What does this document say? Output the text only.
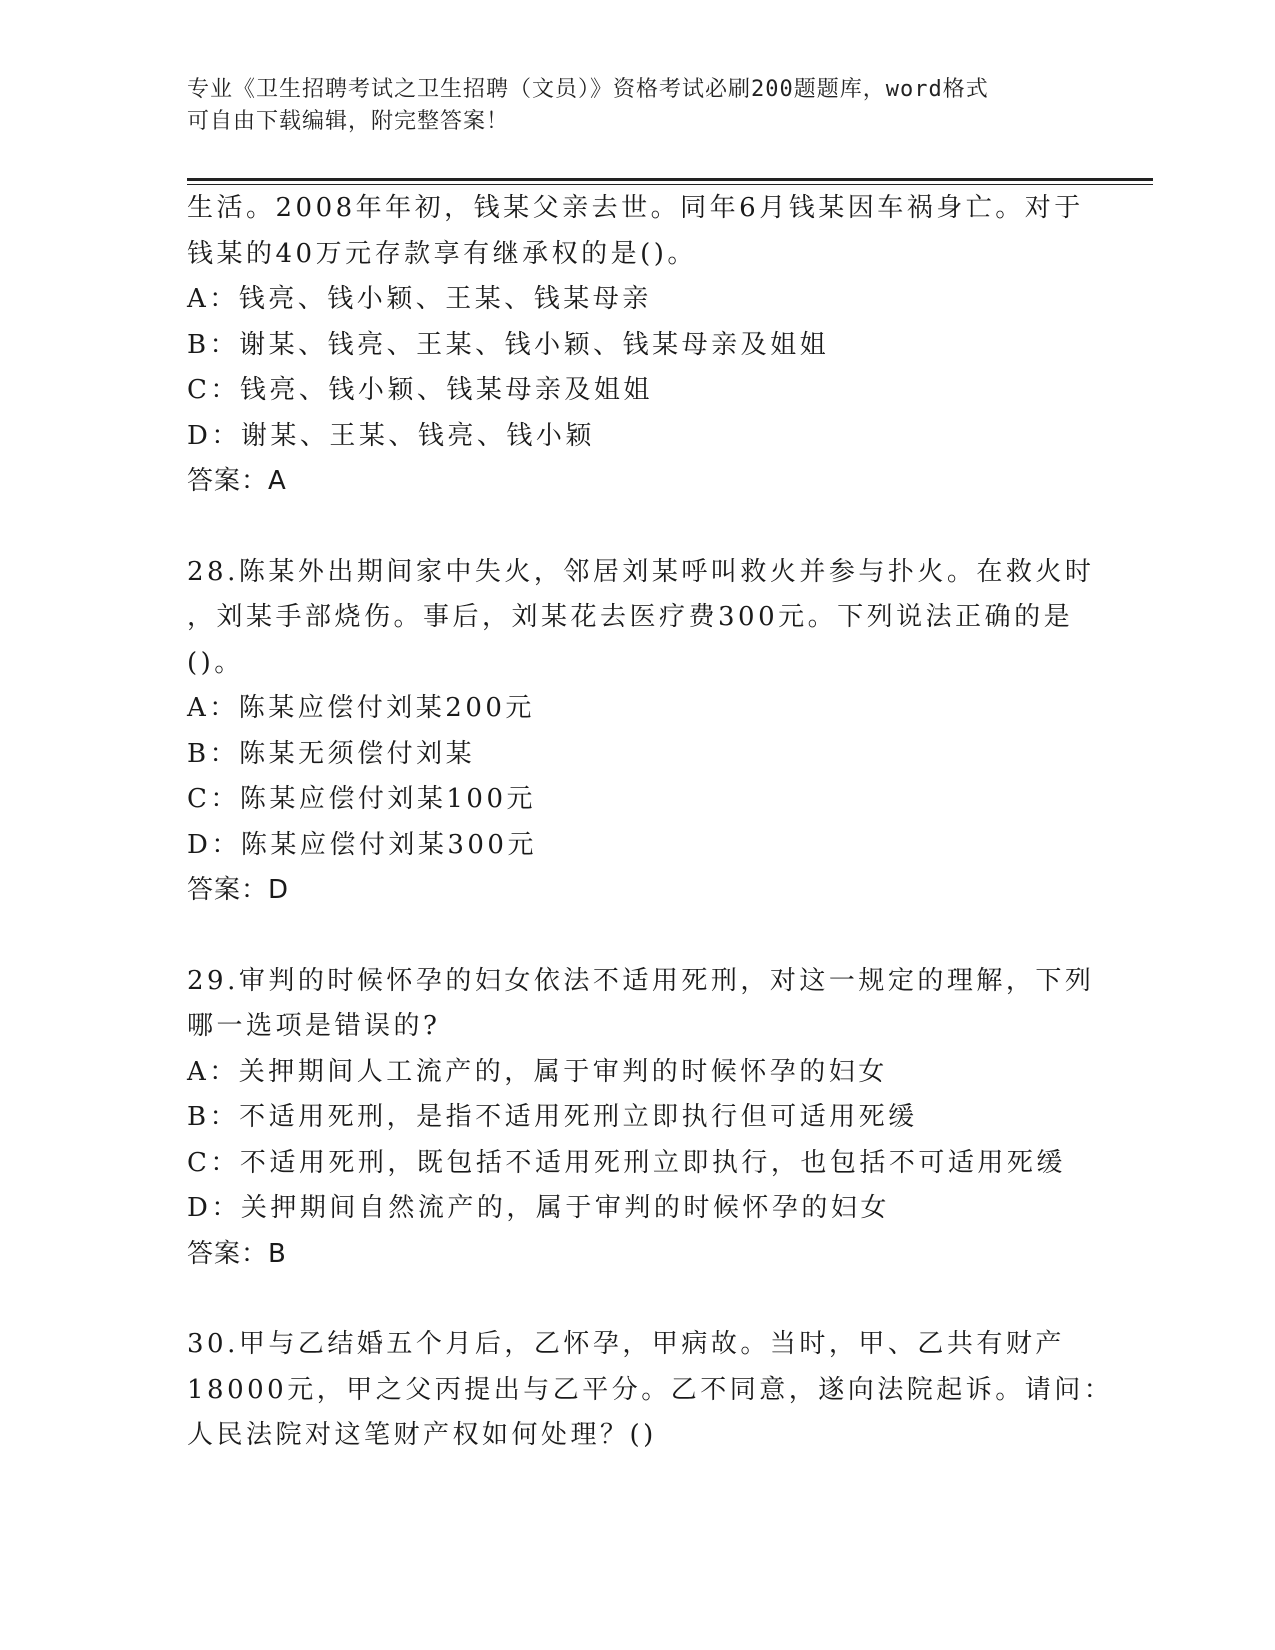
专业《卫生招聘考试之卫生招聘（文员）》资格考试必刷200题题库，word格式
可自由下载编辑，附完整答案！
生活。2008年年初，钱某父亲去世。同年6月钱某因车祸身亡。对于
钱某的40万元存款享有继承权的是()。
A：钱亮、钱小颖、王某、钱某母亲
B：谢某、钱亮、王某、钱小颖、钱某母亲及姐姐
C：钱亮、钱小颖、钱某母亲及姐姐
D：谢某、王某、钱亮、钱小颖
答案：A
28.陈某外出期间家中失火，邻居刘某呼叫救火并参与扑火。在救火时
，刘某手部烧伤。事后，刘某花去医疗费300元。下列说法正确的是
()。
A：陈某应偿付刘某200元
B：陈某无须偿付刘某
C：陈某应偿付刘某100元
D：陈某应偿付刘某300元
答案：D
29.审判的时候怀孕的妇女依法不适用死刑，对这一规定的理解，下列
哪一选项是错误的?
A：关押期间人工流产的，属于审判的时候怀孕的妇女
B：不适用死刑，是指不适用死刑立即执行但可适用死缓
C：不适用死刑，既包括不适用死刑立即执行，也包括不可适用死缓
D：关押期间自然流产的，属于审判的时候怀孕的妇女
答案：B
30.甲与乙结婚五个月后，乙怀孕，甲病故。当时，甲、乙共有财产
18000元，甲之父丙提出与乙平分。乙不同意，遂向法院起诉。请问：
人民法院对这笔财产权如何处理？()
